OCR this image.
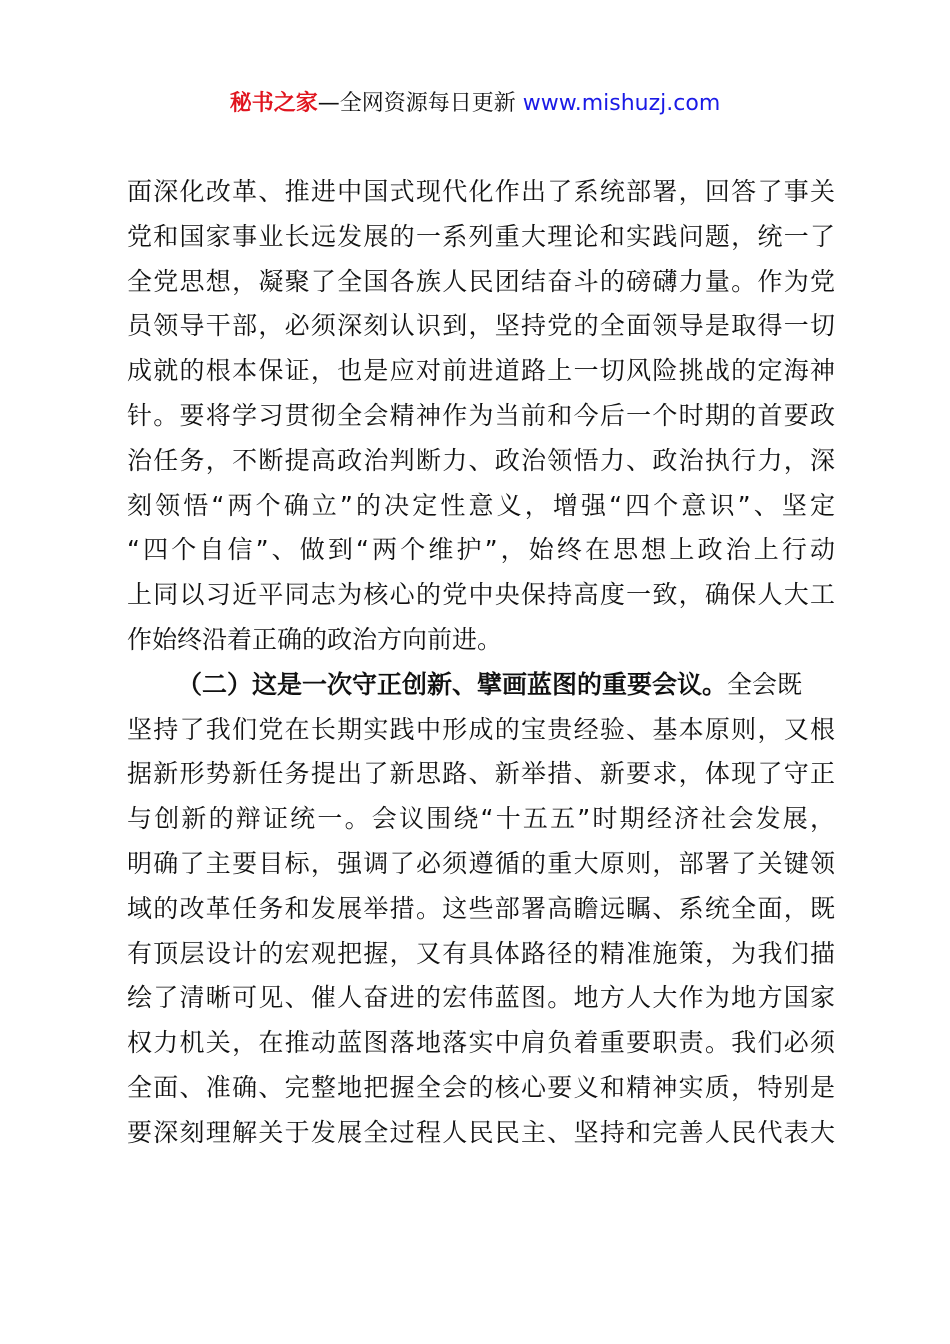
秘书之家—全网资源每日更新 www.mishuzj.com
面深化改革、推进中国式现代化作出了系统部署，回答了事关
党和国家事业长远发展的一系列重大理论和实践问题，统一了
全党思想，凝聚了全国各族人民团结奋斗的磅礴力量。作为党
员领导干部，必须深刻认识到，坚持党的全面领导是取得一切
成就的根本保证，也是应对前进道路上一切风险挑战的定海神
针。要将学习贯彻全会精神作为当前和今后一个时期的首要政
治任务，不断提高政治判断力、政治领悟力、政治执行力，深
刻领悟“两个确立”的决定性意义，增强“四个意识”、坚定
“四个自信”、做到“两个维护”，始终在思想上政治上行动
上同以习近平同志为核心的党中央保持高度一致，确保人大工
作始终沿着正确的政治方向前进。
（二）这是一次守正创新、擘画蓝图的重要会议。全会既
坚持了我们党在长期实践中形成的宝贵经验、基本原则，又根
据新形势新任务提出了新思路、新举措、新要求，体现了守正
与创新的辩证统一。会议围绕“十五五”时期经济社会发展，
明确了主要目标，强调了必须遵循的重大原则，部署了关键领
域的改革任务和发展举措。这些部署高瞻远瞩、系统全面，既
有顶层设计的宏观把握，又有具体路径的精准施策，为我们描
绘了清晰可见、催人奋进的宏伟蓝图。地方人大作为地方国家
权力机关，在推动蓝图落地落实中肩负着重要职责。我们必须
全面、准确、完整地把握全会的核心要义和精神实质，特别是
要深刻理解关于发展全过程人民民主、坚持和完善人民代表大
